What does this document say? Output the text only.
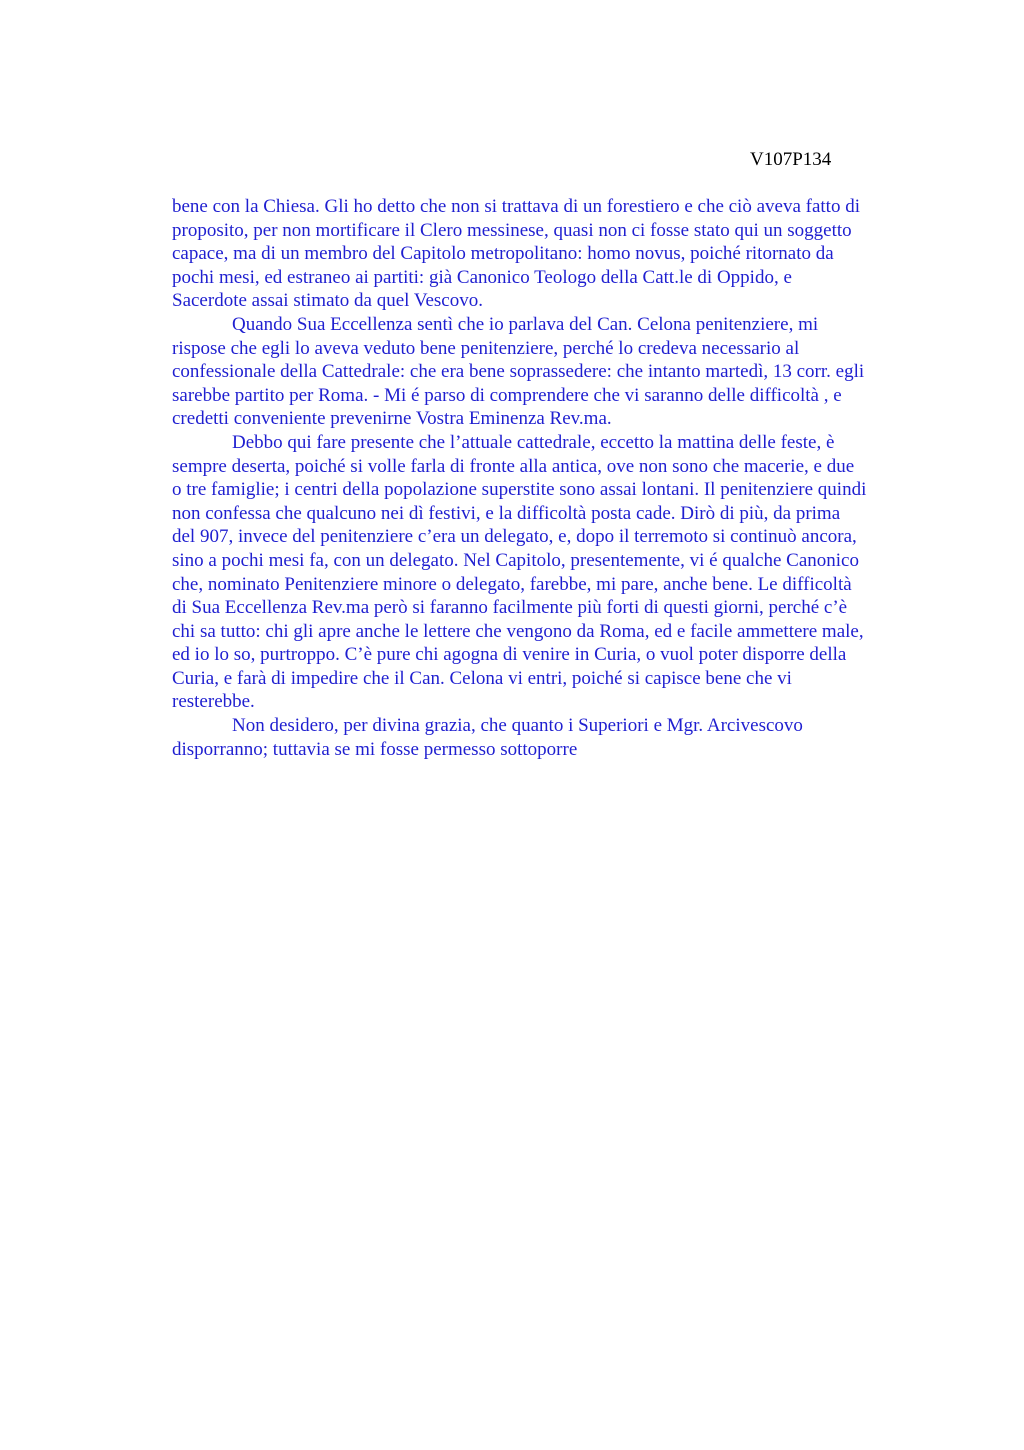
V107P134
bene con la Chiesa. Gli ho detto che non si trattava di un forestiero e che ciò aveva fatto di
proposito, per non mortificare il Clero messinese, quasi non ci fosse stato qui un soggetto
capace, ma di un membro del Capitolo metropolitano: homo novus, poiché ritornato da
pochi mesi, ed estraneo ai partiti: già Canonico Teologo della Catt.le di Oppido, e
Sacerdote assai stimato da quel Vescovo.
Quando Sua Eccellenza sentì che io parlava del Can. Celona penitenziere, mi
rispose che egli lo aveva veduto bene penitenziere, perché lo credeva necessario al
confessionale della Cattedrale: che era bene soprassedere: che intanto martedì, 13 corr. egli
sarebbe partito per Roma. - Mi é parso di comprendere che vi saranno delle difficoltà , e
credetti conveniente prevenirne Vostra Eminenza Rev.ma.
Debbo qui fare presente che l’attuale cattedrale, eccetto la mattina delle feste, è
sempre deserta, poiché si volle farla di fronte alla antica, ove non sono che macerie, e due
o tre famiglie; i centri della popolazione superstite sono assai lontani. Il penitenziere quindi
non confessa che qualcuno nei dì festivi, e la difficoltà posta cade. Dirò di più, da prima
del 907, invece del penitenziere c’era un delegato, e, dopo il terremoto si continuò ancora,
sino a pochi mesi fa, con un delegato. Nel Capitolo, presentemente, vi é qualche Canonico
che, nominato Penitenziere minore o delegato, farebbe, mi pare, anche bene. Le difficoltà
di Sua Eccellenza Rev.ma però si faranno facilmente più forti di questi giorni, perché c’è
chi sa tutto: chi gli apre anche le lettere che vengono da Roma, ed e facile ammettere male,
ed io lo so, purtroppo. C’è pure chi agogna di venire in Curia, o vuol poter disporre della
Curia, e farà di impedire che il Can. Celona vi entri, poiché si capisce bene che vi
resterebbe.
Non desidero, per divina grazia, che quanto i Superiori e Mgr. Arcivescovo
disporranno; tuttavia se mi fosse permesso sottoporre
